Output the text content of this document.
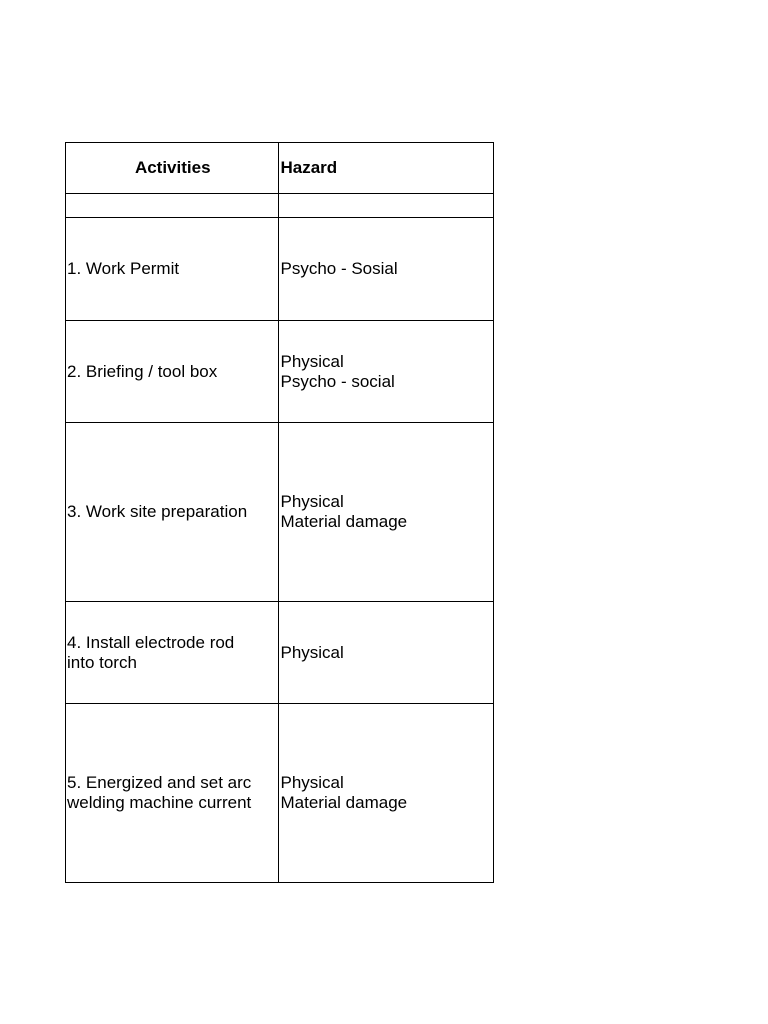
Activities	Hazard

1. Work Permit	Psycho - Sosial
2. Briefing / tool box	Physical
Psycho - social
3. Work site preparation	Physical
Material damage
4. Install electrode rod
into torch	Physical
5. Energized and set arc
welding machine current	Physical
Material damage
